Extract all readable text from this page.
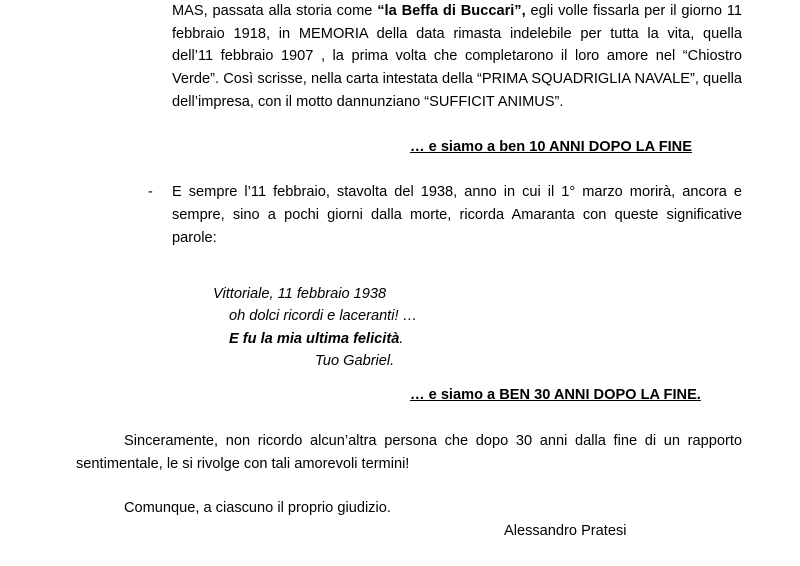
MAS, passata alla storia come “la Beffa di Buccari”, egli volle fissarla per il giorno 11
febbraio 1918, in MEMORIA della data rimasta indelebile per tutta la vita, quella
dell’11 febbraio 1907 , la prima volta che completarono il loro amore nel “Chiostro
Verde”. Così scrisse, nella carta intestata della “PRIMA SQUADRIGLIA NAVALE”, quella
dell’impresa, con il motto dannunziano “SUFFICIT ANIMUS”.
… e siamo a ben 10 ANNI DOPO LA FINE
- E sempre l’11 febbraio, stavolta del 1938, anno in cui il 1° marzo morirà, ancora e
sempre, sino a pochi giorni dalla morte, ricorda Amaranta con queste significative
parole:
Vittoriale, 11 febbraio 1938
oh dolci ricordi e laceranti! …
E fu la mia ultima felicità.
Tuo Gabriel.
… e siamo a BEN 30 ANNI DOPO LA FINE.
Sinceramente, non ricordo alcun’altra persona che dopo 30 anni dalla fine di un rapporto
sentimentale, le si rivolge con tali amorevoli termini!
Comunque, a ciascuno il proprio giudizio.
Alessandro Pratesi
